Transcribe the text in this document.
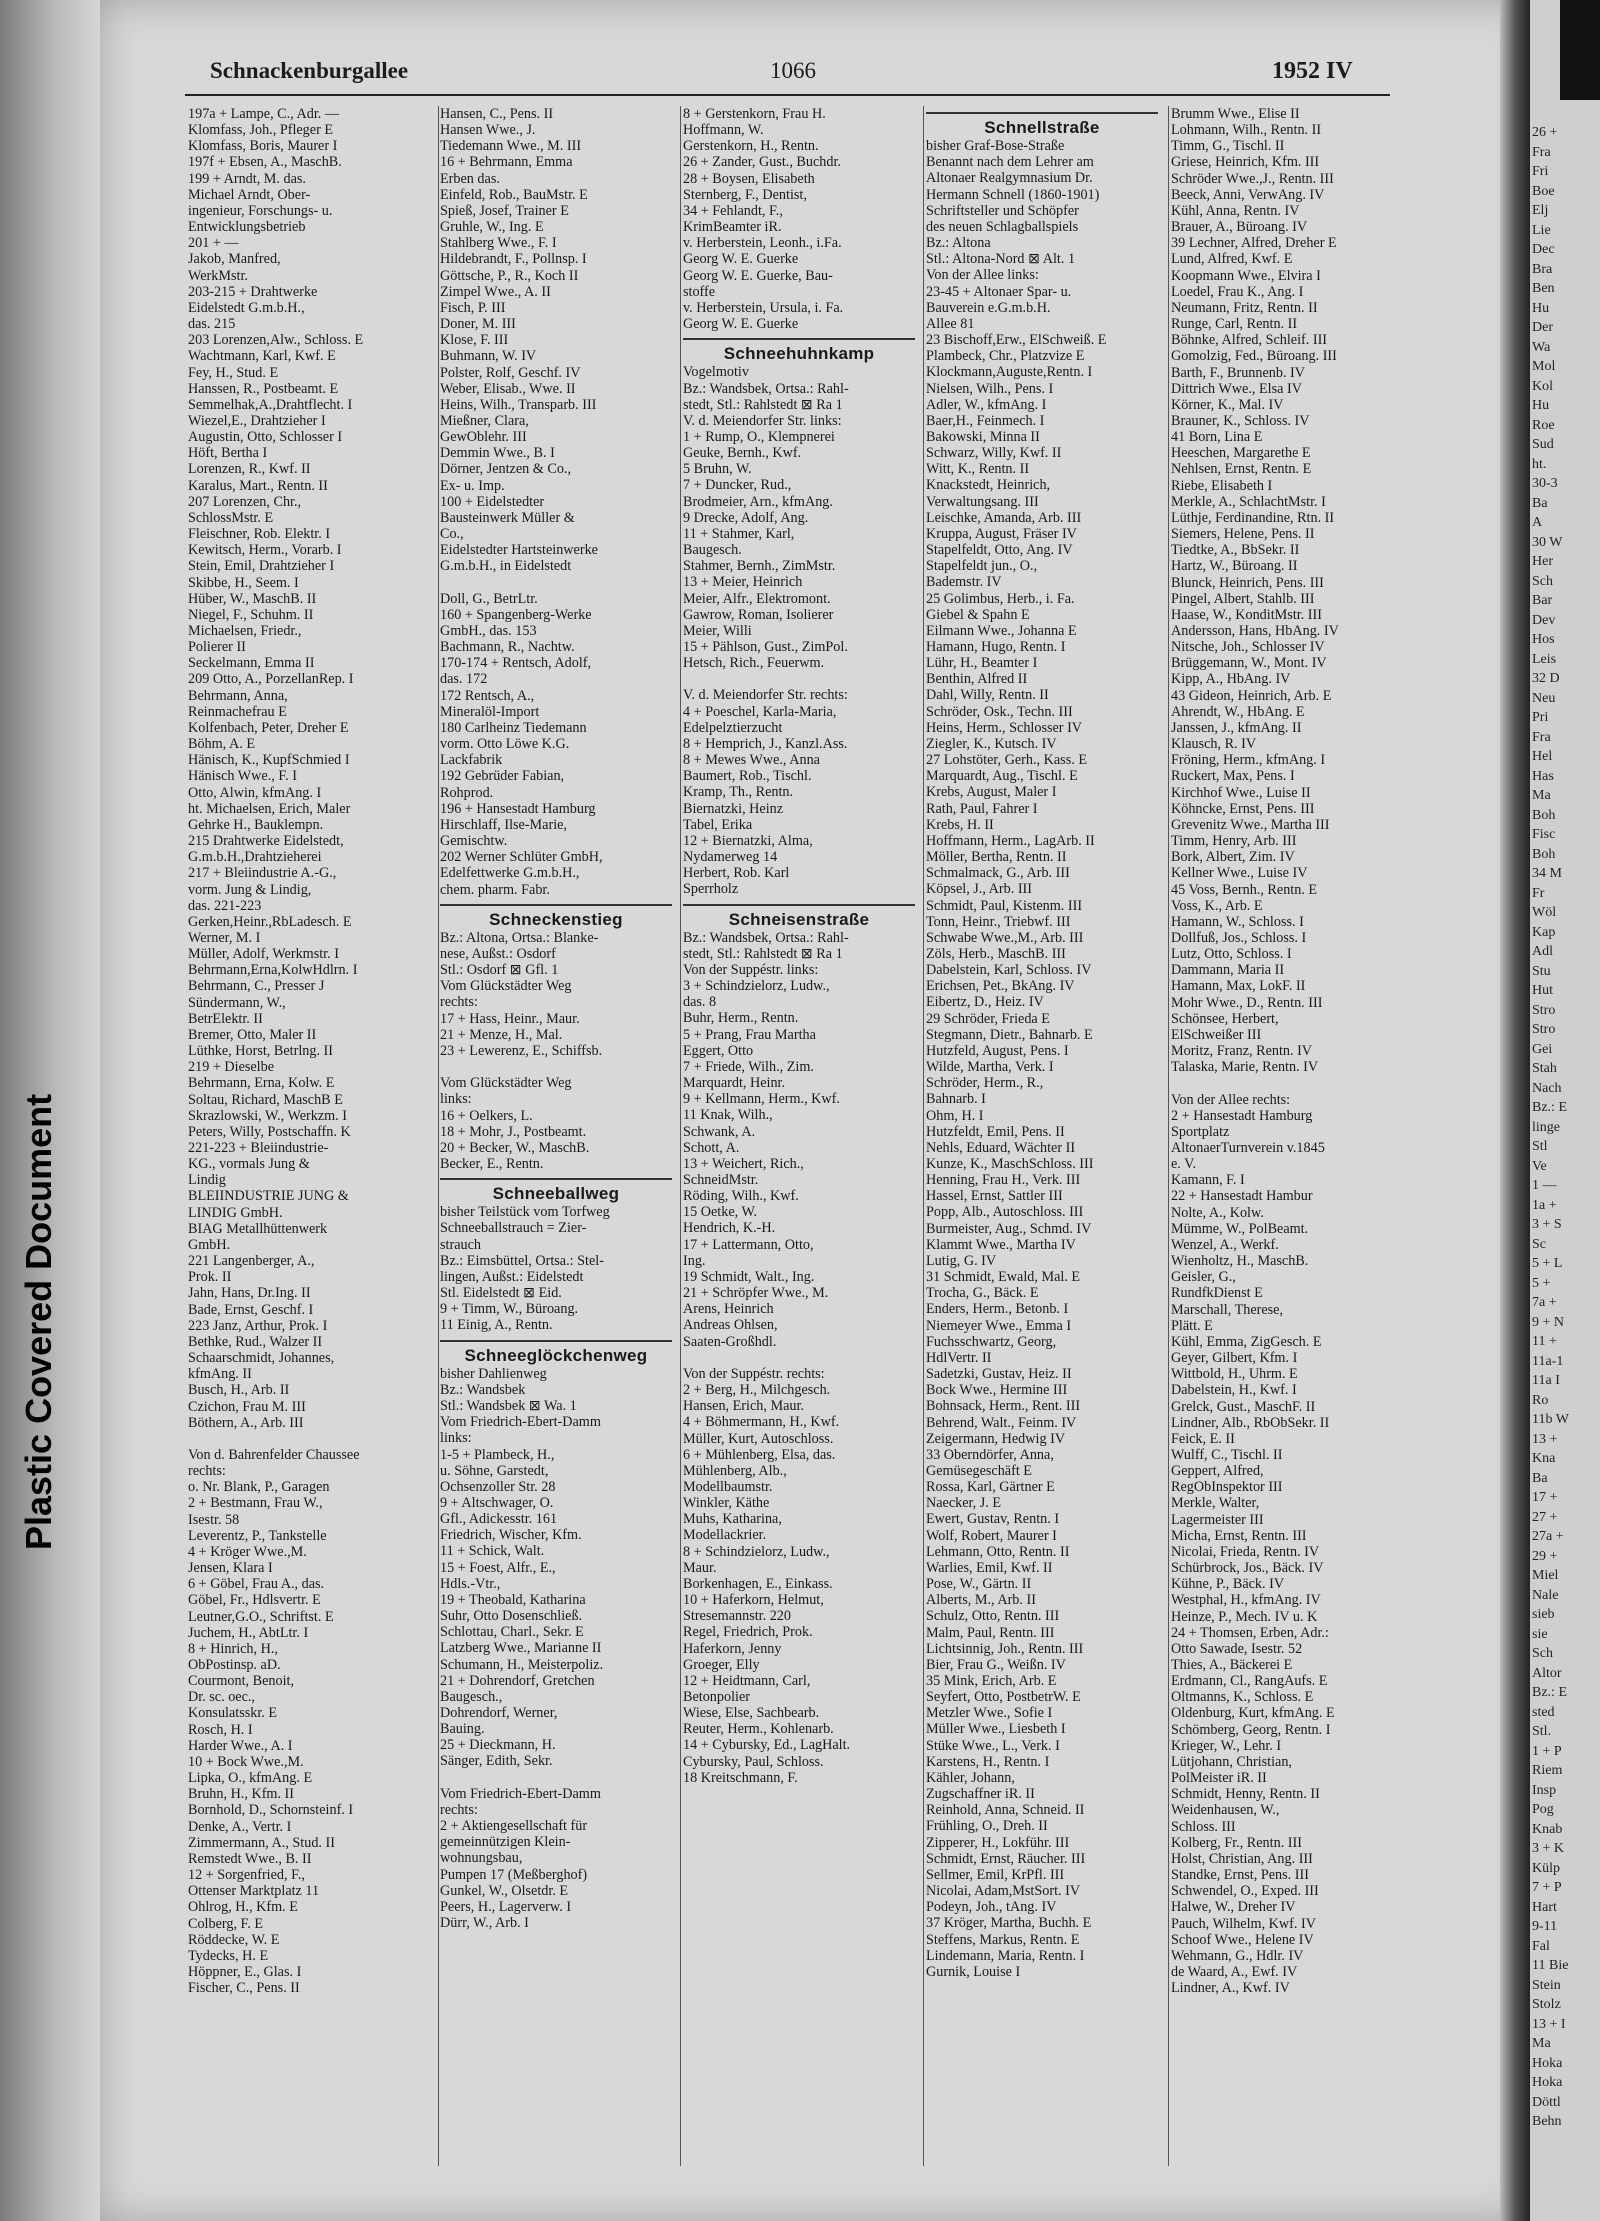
26 +
Fra
Fri
Boe
Elj
Lie
Dec
Bra
Ben
Hu
Der
Wa
Mol
Kol
Hu
Roe
Sud
ht.
30-3
Ba
A
30 W
Her
Sch
Bar
Dev
Hos
Leis
32 D
Neu
Pri
Fra
Hel
Has
Ma
Boh
Fisc
Boh
34 M
Fr
Wöl
Kap
Adl
Stu
Hut
Stro
Stro
Gei
Stah
Nach
Bz.: E
linge
Stl
Ve
1 —
1a +
3 + S
Sc
5 + L
5 +
7a +
9 + N
11 +
11a-1
11a I
Ro
11b W
13 +
Kna
Ba
17 +
27 +
27a +
29 +
Miel
Nale
sieb
sie
Sch
Altor
Bz.: E
sted
Stl.
1 + P
Riem
Insp
Pog
Knab
3 + K
Külp
7 + P
Hart
9-11
Fal
11 Bie
Stein
Stolz
13 + I
Ma
Hoka
Hoka
Döttl
Behn
Schnackenburgallee	1066	1952 IV
197a + Lampe, C., Adr. —
Klomfass, Joh., Pfleger E
Klomfass, Boris, Maurer I
197f + Ebsen, A., MaschB.
199 + Arndt, M. das.
Michael Arndt, Ober-
ingenieur, Forschungs- u.
Entwicklungsbetrieb
201 + —
Jakob, Manfred,
WerkMstr.
203-215 + Drahtwerke
Eidelstedt G.m.b.H.,
das. 215
203 Lorenzen,Alw., Schloss. E
Wachtmann, Karl, Kwf. E
Fey, H., Stud. E
Hanssen, R., Postbeamt. E
Semmelhak,A.,Drahtflecht. I
Wiezel,E., Drahtzieher I
Augustin, Otto, Schlosser I
Höft, Bertha I
Lorenzen, R., Kwf. II
Karalus, Mart., Rentn. II
207 Lorenzen, Chr.,
SchlossMstr. E
Fleischner, Rob. Elektr. I
Kewitsch, Herm., Vorarb. I
Stein, Emil, Drahtzieher I
Skibbe, H., Seem. I
Hüber, W., MaschB. II
Niegel, F., Schuhm. II
Michaelsen, Friedr.,
Polierer II
Seckelmann, Emma II
209 Otto, A., PorzellanRep. I
Behrmann, Anna,
Reinmachefrau E
Kolfenbach, Peter, Dreher E
Böhm, A. E
Hänisch, K., KupfSchmied I
Hänisch Wwe., F. I
Otto, Alwin, kfmAng. I
ht. Michaelsen, Erich, Maler
Gehrke H., Bauklempn.
215 Drahtwerke Eidelstedt,
G.m.b.H.,Drahtzieherei
217 + Bleiindustrie A.-G.,
vorm. Jung & Lindig,
das. 221-223
Gerken,Heinr.,RbLadesch. E
Werner, M. I
Müller, Adolf, Werkmstr. I
Behrmann,Erna,KolwHdlrn. I
Behrmann, C., Presser J
Sündermann, W.,
BetrElektr. II
Bremer, Otto, Maler II
Lüthke, Horst, Betrlng. II
219 + Dieselbe
Behrmann, Erna, Kolw. E
Soltau, Richard, MaschB E
Skrazlowski, W., Werkzm. I
Peters, Willy, Postschaffn. K
221-223 + Bleiindustrie-
KG., vormals Jung &
Lindig
BLEIINDUSTRIE JUNG &
LINDIG GmbH.
BIAG Metallhüttenwerk
GmbH.
221 Langenberger, A.,
Prok. II
Jahn, Hans, Dr.Ing. II
Bade, Ernst, Geschf. I
223 Janz, Arthur, Prok. I
Bethke, Rud., Walzer II
Schaarschmidt, Johannes,
kfmAng. II
Busch, H., Arb. II
Czichon, Frau M. III
Böthern, A., Arb. III

Von d. Bahrenfelder Chaussee
rechts:
o. Nr. Blank, P., Garagen
2 + Bestmann, Frau W.,
Isestr. 58
Leverentz, P., Tankstelle
4 + Kröger Wwe.,M.
Jensen, Klara I
6 + Göbel, Frau A., das.
Göbel, Fr., Hdlsvertr. E
Leutner,G.O., Schriftst. E
Juchem, H., AbtLtr. I
8 + Hinrich, H.,
ObPostinsp. aD.
Courmont, Benoit,
Dr. sc. oec.,
Konsulatsskr. E
Rosch, H. I
Harder Wwe., A. I
10 + Bock Wwe.,M.
Lipka, O., kfmAng. E
Bruhn, H., Kfm. II
Bornhold, D., Schornsteinf. I
Denke, A., Vertr. I
Zimmermann, A., Stud. II
Remstedt Wwe., B. II
12 + Sorgenfried, F.,
Ottenser Marktplatz 11
Ohlrog, H., Kfm. E
Colberg, F. E
Röddecke, W. E
Tydecks, H. E
Höppner, E., Glas. I
Fischer, C., Pens. II
Hansen, C., Pens. II
Hansen Wwe., J.
Tiedemann Wwe., M. III
16 + Behrmann, Emma
Erben das.
Einfeld, Rob., BauMstr. E
Spieß, Josef, Trainer E
Gruhle, W., Ing. E
Stahlberg Wwe., F. I
Hildebrandt, F., Pollnsp. I
Göttsche, P., R., Koch II
Zimpel Wwe., A. II
Fisch, P. III
Doner, M. III
Klose, F. III
Buhmann, W. IV
Polster, Rolf, Geschf. IV
Weber, Elisab., Wwe. II
Heins, Wilh., Transparb. III
Mießner, Clara,
GewOblehr. III
Demmin Wwe., B. I
Dörner, Jentzen & Co.,
Ex- u. Imp.
100 + Eidelstedter
Bausteinwerk Müller &
Co.,
Eidelstedter Hartsteinwerke
G.m.b.H., in Eidelstedt

Doll, G., BetrLtr.
160 + Spangenberg-Werke
GmbH., das. 153
Bachmann, R., Nachtw.
170-174 + Rentsch, Adolf,
das. 172
172 Rentsch, A.,
Mineralöl-Import
180 Carlheinz Tiedemann
vorm. Otto Löwe K.G.
Lackfabrik
192 Gebrüder Fabian,
Rohprod.
196 + Hansestadt Hamburg
Hirschlaff, Ilse-Marie,
Gemischtw.
202 Werner Schlüter GmbH,
Edelfettwerke G.m.b.H.,
chem. pharm. Fabr.
Schneckenstieg
Bz.: Altona, Ortsa.: Blanke-
nese, Außst.: Osdorf
Stl.: Osdorf ⊠ Gfl. 1
Vom Glückstädter Weg
rechts:
17 + Hass, Heinr., Maur.
21 + Menze, H., Mal.
23 + Lewerenz, E., Schiffsb.

Vom Glückstädter Weg
links:
16 + Oelkers, L.
18 + Mohr, J., Postbeamt.
20 + Becker, W., MaschB.
Becker, E., Rentn.
Schneeballweg
bisher Teilstück vom Torfweg
Schneeballstrauch = Zier-
strauch
Bz.: Eimsbüttel, Ortsa.: Stel-
lingen, Außst.: Eidelstedt
Stl. Eidelstedt ⊠ Eid.
9 + Timm, W., Büroang.
11 Einig, A., Rentn.
Schneeglöckchenweg
bisher Dahlienweg
Bz.: Wandsbek
Stl.: Wandsbek ⊠ Wa. 1
Vom Friedrich-Ebert-Damm
links:
1-5 + Plambeck, H.,
u. Söhne, Garstedt,
Ochsenzoller Str. 28
9 + Altschwager, O.
Gfl., Adickesstr. 161
Friedrich, Wischer, Kfm.
11 + Schick, Walt.
15 + Foest, Alfr., E.,
Hdls.-Vtr.,
19 + Theobald, Katharina
Suhr, Otto Dosenschließ.
Schlottau, Charl., Sekr. E
Latzberg Wwe., Marianne II
Schumann, H., Meisterpoliz.
21 + Dohrendorf, Gretchen
Baugesch.,
Dohrendorf, Werner,
Bauing.
25 + Dieckmann, H.
Sänger, Edith, Sekr.

Vom Friedrich-Ebert-Damm
rechts:
2 + Aktiengesellschaft für
gemeinnützigen Klein-
wohnungsbau,
Pumpen 17 (Meßberghof)
Gunkel, W., Olsetdr. E
Peers, H., Lagerverw. I
Dürr, W., Arb. I
8 + Gerstenkorn, Frau H.
Hoffmann, W.
Gerstenkorn, H., Rentn.
26 + Zander, Gust., Buchdr.
28 + Boysen, Elisabeth
Sternberg, F., Dentist,
34 + Fehlandt, F.,
KrimBeamter iR.
v. Herberstein, Leonh., i.Fa.
Georg W. E. Guerke
Georg W. E. Guerke, Bau-
stoffe
v. Herberstein, Ursula, i. Fa.
Georg W. E. Guerke
Schneehuhnkamp
Vogelmotiv
Bz.: Wandsbek, Ortsa.: Rahl-
stedt, Stl.: Rahlstedt ⊠ Ra 1
V. d. Meiendorfer Str. links:
1 + Rump, O., Klempnerei
Geuke, Bernh., Kwf.
5 Bruhn, W.
7 + Duncker, Rud.,
Brodmeier, Arn., kfmAng.
9 Drecke, Adolf, Ang.
11 + Stahmer, Karl,
Baugesch.
Stahmer, Bernh., ZimMstr.
13 + Meier, Heinrich
Meier, Alfr., Elektromont.
Gawrow, Roman, Isolierer
Meier, Willi
15 + Pählson, Gust., ZimPol.
Hetsch, Rich., Feuerwm.

V. d. Meiendorfer Str. rechts:
4 + Poeschel, Karla-Maria,
Edelpelztierzucht
8 + Hemprich, J., Kanzl.Ass.
8 + Mewes Wwe., Anna
Baumert, Rob., Tischl.
Kramp, Th., Rentn.
Biernatzki, Heinz
Tabel, Erika
12 + Biernatzki, Alma,
Nydamerweg 14
Herbert, Rob. Karl
Sperrholz
Schneisenstraße
Bz.: Wandsbek, Ortsa.: Rahl-
stedt, Stl.: Rahlstedt ⊠ Ra 1
Von der Suppéstr. links:
3 + Schindzielorz, Ludw.,
das. 8
Buhr, Herm., Rentn.
5 + Prang, Frau Martha
Eggert, Otto
7 + Friede, Wilh., Zim.
Marquardt, Heinr.
9 + Kellmann, Herm., Kwf.
11 Knak, Wilh.,
Schwank, A.
Schott, A.
13 + Weichert, Rich.,
SchneidMstr.
Röding, Wilh., Kwf.
15 Oetke, W.
Hendrich, K.-H.
17 + Lattermann, Otto,
Ing.
19 Schmidt, Walt., Ing.
21 + Schröpfer Wwe., M.
Arens, Heinrich
Andreas Ohlsen,
Saaten-Großhdl.

Von der Suppéstr. rechts:
2 + Berg, H., Milchgesch.
Hansen, Erich, Maur.
4 + Böhmermann, H., Kwf.
Müller, Kurt, Autoschloss.
6 + Mühlenberg, Elsa, das.
Mühlenberg, Alb.,
Modellbaumstr.
Winkler, Käthe
Muhs, Katharina,
Modellackrier.
8 + Schindzielorz, Ludw.,
Maur.
Borkenhagen, E., Einkass.
10 + Haferkorn, Helmut,
Stresemannstr. 220
Regel, Friedrich, Prok.
Haferkorn, Jenny
Groeger, Elly
12 + Heidtmann, Carl,
Betonpolier
Wiese, Else, Sachbearb.
Reuter, Herm., Kohlenarb.
14 + Cybursky, Ed., LagHalt.
Cybursky, Paul, Schloss.
18 Kreitschmann, F.
Schnellstraße
bisher Graf-Bose-Straße
Benannt nach dem Lehrer am
Altonaer Realgymnasium Dr.
Hermann Schnell (1860-1901)
Schriftsteller und Schöpfer
des neuen Schlagballspiels
Bz.: Altona
Stl.: Altona-Nord ⊠ Alt. 1
Von der Allee links:
23-45 + Altonaer Spar- u.
Bauverein e.G.m.b.H.
Allee 81
23 Bischoff,Erw., ElSchweiß. E
Plambeck, Chr., Platzvize E
Klockmann,Auguste,Rentn. I
Nielsen, Wilh., Pens. I
Adler, W., kfmAng. I
Baer,H., Feinmech. I
Bakowski, Minna II
Schwarz, Willy, Kwf. II
Witt, K., Rentn. II
Knackstedt, Heinrich,
Verwaltungsang. III
Leischke, Amanda, Arb. III
Kruppa, August, Fräser IV
Stapelfeldt, Otto, Ang. IV
Stapelfeldt jun., O.,
Bademstr. IV
25 Golimbus, Herb., i. Fa.
Giebel & Spahn E
Eilmann Wwe., Johanna E
Hamann, Hugo, Rentn. I
Lühr, H., Beamter I
Benthin, Alfred II
Dahl, Willy, Rentn. II
Schröder, Osk., Techn. III
Heins, Herm., Schlosser IV
Ziegler, K., Kutsch. IV
27 Lohstöter, Gerh., Kass. E
Marquardt, Aug., Tischl. E
Krebs, August, Maler I
Rath, Paul, Fahrer I
Krebs, H. II
Hoffmann, Herm., LagArb. II
Möller, Bertha, Rentn. II
Schmalmack, G., Arb. III
Köpsel, J., Arb. III
Schmidt, Paul, Kistenm. III
Tonn, Heinr., Triebwf. III
Schwabe Wwe.,M., Arb. III
Zöls, Herb., MaschB. III
Dabelstein, Karl, Schloss. IV
Erichsen, Pet., BkAng. IV
Eibertz, D., Heiz. IV
29 Schröder, Frieda E
Stegmann, Dietr., Bahnarb. E
Hutzfeld, August, Pens. I
Wilde, Martha, Verk. I
Schröder, Herm., R.,
Bahnarb. I
Ohm, H. I
Hutzfeldt, Emil, Pens. II
Nehls, Eduard, Wächter II
Kunze, K., MaschSchloss. III
Henning, Frau H., Verk. III
Hassel, Ernst, Sattler III
Popp, Alb., Autoschloss. III
Burmeister, Aug., Schmd. IV
Klammt Wwe., Martha IV
Lutig, G. IV
31 Schmidt, Ewald, Mal. E
Trocha, G., Bäck. E
Enders, Herm., Betonb. I
Niemeyer Wwe., Emma I
Fuchsschwartz, Georg,
HdlVertr. II
Sadetzki, Gustav, Heiz. II
Bock Wwe., Hermine III
Bohnsack, Herm., Rent. III
Behrend, Walt., Feinm. IV
Zeigermann, Hedwig IV
33 Oberndörfer, Anna,
Gemüsegeschäft E
Rossa, Karl, Gärtner E
Naecker, J. E
Ewert, Gustav, Rentn. I
Wolf, Robert, Maurer I
Lehmann, Otto, Rentn. II
Warlies, Emil, Kwf. II
Pose, W., Gärtn. II
Alberts, M., Arb. II
Schulz, Otto, Rentn. III
Malm, Paul, Rentn. III
Lichtsinnig, Joh., Rentn. III
Bier, Frau G., Weißn. IV
35 Mink, Erich, Arb. E
Seyfert, Otto, PostbetrW. E
Metzler Wwe., Sofie I
Müller Wwe., Liesbeth I
Stüke Wwe., L., Verk. I
Karstens, H., Rentn. I
Kähler, Johann,
Zugschaffner iR. II
Reinhold, Anna, Schneid. II
Frühling, O., Dreh. II
Zipperer, H., Lokführ. III
Schmidt, Ernst, Räucher. III
Sellmer, Emil, KrPfl. III
Nicolai, Adam,MstSort. IV
Podeyn, Joh., tAng. IV
37 Kröger, Martha, Buchh. E
Steffens, Markus, Rentn. E
Lindemann, Maria, Rentn. I
Gurnik, Louise I
Brumm Wwe., Elise II
Lohmann, Wilh., Rentn. II
Timm, G., Tischl. II
Griese, Heinrich, Kfm. III
Schröder Wwe.,J., Rentn. III
Beeck, Anni, VerwAng. IV
Kühl, Anna, Rentn. IV
Brauer, A., Büroang. IV
39 Lechner, Alfred, Dreher E
Lund, Alfred, Kwf. E
Koopmann Wwe., Elvira I
Loedel, Frau K., Ang. I
Neumann, Fritz, Rentn. II
Runge, Carl, Rentn. II
Böhnke, Alfred, Schleif. III
Gomolzig, Fed., Büroang. III
Barth, F., Brunnenb. IV
Dittrich Wwe., Elsa IV
Körner, K., Mal. IV
Brauner, K., Schloss. IV
41 Born, Lina E
Heeschen, Margarethe E
Nehlsen, Ernst, Rentn. E
Riebe, Elisabeth I
Merkle, A., SchlachtMstr. I
Lüthje, Ferdinandine, Rtn. II
Siemers, Helene, Pens. II
Tiedtke, A., BbSekr. II
Hartz, W., Büroang. II
Blunck, Heinrich, Pens. III
Pingel, Albert, Stahlb. III
Haase, W., KonditMstr. III
Andersson, Hans, HbAng. IV
Nitsche, Joh., Schlosser IV
Brüggemann, W., Mont. IV
Kipp, A., HbAng. IV
43 Gideon, Heinrich, Arb. E
Ahrendt, W., HbAng. E
Janssen, J., kfmAng. II
Klausch, R. IV
Fröning, Herm., kfmAng. I
Ruckert, Max, Pens. I
Kirchhof Wwe., Luise II
Köhncke, Ernst, Pens. III
Grevenitz Wwe., Martha III
Timm, Henry, Arb. III
Bork, Albert, Zim. IV
Kellner Wwe., Luise IV
45 Voss, Bernh., Rentn. E
Voss, K., Arb. E
Hamann, W., Schloss. I
Dollfuß, Jos., Schloss. I
Lutz, Otto, Schloss. I
Dammann, Maria II
Hamann, Max, LokF. II
Mohr Wwe., D., Rentn. III
Schönsee, Herbert,
ElSchweißer III
Moritz, Franz, Rentn. IV
Talaska, Marie, Rentn. IV

Von der Allee rechts:
2 + Hansestadt Hamburg
Sportplatz
AltonaerTurnverein v.1845
e. V.
Kamann, F. I
22 + Hansestadt Hambur
Nolte, A., Kolw.
Mümme, W., PolBeamt.
Wenzel, A., Werkf.
Wienholtz, H., MaschB.
Geisler, G.,
RundfkDienst E
Marschall, Therese,
Plätt. E
Kühl, Emma, ZigGesch. E
Geyer, Gilbert, Kfm. I
Wittbold, H., Uhrm. E
Dabelstein, H., Kwf. I
Grelck, Gust., MaschF. II
Lindner, Alb., RbObSekr. II
Feick, E. II
Wulff, C., Tischl. II
Geppert, Alfred,
RegObInspektor III
Merkle, Walter,
Lagermeister III
Micha, Ernst, Rentn. III
Nicolai, Frieda, Rentn. IV
Schürbrock, Jos., Bäck. IV
Kühne, P., Bäck. IV
Westphal, H., kfmAng. IV
Heinze, P., Mech. IV u. K
24 + Thomsen, Erben, Adr.:
Otto Sawade, Isestr. 52
Thies, A., Bäckerei E
Erdmann, Cl., RangAufs. E
Oltmanns, K., Schloss. E
Oldenburg, Kurt, kfmAng. E
Schömberg, Georg, Rentn. I
Krieger, W., Lehr. I
Lütjohann, Christian,
PolMeister iR. II
Schmidt, Henny, Rentn. II
Weidenhausen, W.,
Schloss. III
Kolberg, Fr., Rentn. III
Holst, Christian, Ang. III
Standke, Ernst, Pens. III
Schwendel, O., Exped. III
Halwe, W., Dreher IV
Pauch, Wilhelm, Kwf. IV
Schoof Wwe., Helene IV
Wehmann, G., Hdlr. IV
de Waard, A., Ewf. IV
Lindner, A., Kwf. IV
